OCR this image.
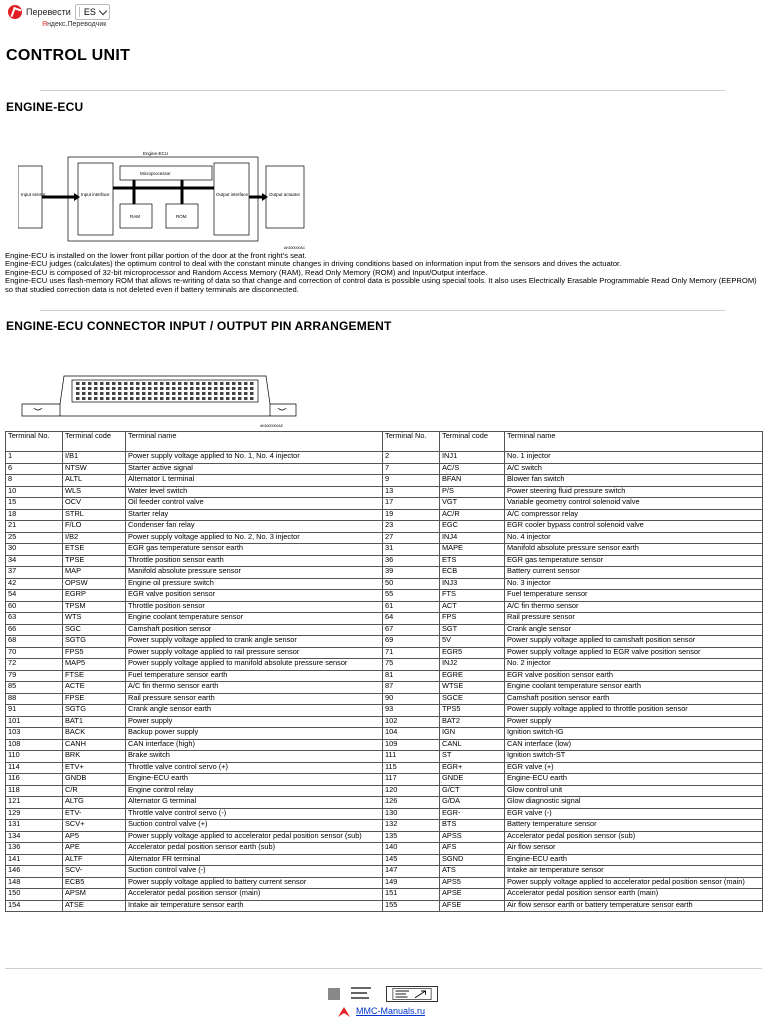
Перевести ES
Яндекс.Переводчик
CONTROL UNIT
ENGINE-ECU
Engine-ECU
Microprocessor
RAM	ROM
Input sensor	Input interface	Output interface	Output actuator
AK600000AC
Engine-ECU is installed on the lower front pillar portion of the door at the front right's seat.
Engine-ECU judges (calculates) the optimum control to deal with the constant minute changes in driving conditions based on information input from the sensors and drives the actuator.
Engine-ECU is composed of 32-bit microprocessor and Random Access Memory (RAM), Read Only Memory (ROM) and Input/Output interface.
Engine-ECU uses flash-memory ROM that allows re-writing of data so that change and correction of control data is possible using special tools. It also uses Electrically Erasable Programmable Read Only Memory (EEPROM) so that studied correction data is not deleted even if battery terminals are disconnected.
ENGINE-ECU CONNECTOR INPUT / OUTPUT PIN ARRANGEMENT
AK6000000AE
Terminal No.	Terminal code	Terminal name	Terminal No.	Terminal code	Terminal name
1	I/B1	Power supply voltage applied to No. 1, No. 4 injector	2	INJ1	No. 1 injector
6	NTSW	Starter active signal	7	AC/S	A/C switch
8	ALTL	Alternator L terminal	9	BFAN	Blower fan switch
10	WLS	Water level switch	13	P/S	Power steering fluid pressure switch
15	OCV	Oil feeder control valve	17	VGT	Variable geometry control solenoid valve
18	STRL	Starter relay	19	AC/R	A/C compressor relay
21	F/LO	Condenser fan relay	23	EGC	EGR cooler bypass control solenoid valve
25	I/B2	Power supply voltage applied to No. 2, No. 3 injector	27	INJ4	No. 4 injector
30	ETSE	EGR gas temperature sensor earth	31	MAPE	Manifold absolute pressure sensor earth
34	TPSE	Throttle position sensor earth	36	ETS	EGR gas temperature sensor
37	MAP	Manifold absolute pressure sensor	39	ECB	Battery current sensor
42	OPSW	Engine oil pressure switch	50	INJ3	No. 3 injector
54	EGRP	EGR valve position sensor	55	FTS	Fuel temperature sensor
60	TPSM	Throttle position sensor	61	ACT	A/C fin thermo sensor
63	WTS	Engine coolant temperature sensor	64	FPS	Rail pressure sensor
66	SGC	Camshaft position sensor	67	SGT	Crank angle sensor
68	SGTG	Power supply voltage applied to crank angle sensor	69	5V	Power supply voltage applied to camshaft position sensor
70	FPS5	Power supply voltage applied to rail pressure sensor	71	EGR5	Power supply voltage applied to EGR valve position sensor
72	MAP5	Power supply voltage applied to manifold absolute pressure sensor	75	INJ2	No. 2 injector
79	FTSE	Fuel temperature sensor earth	81	EGRE	EGR valve position sensor earth
85	ACTE	A/C fin thermo sensor earth	87	WTSE	Engine coolant temperature sensor earth
88	FPSE	Rail pressure sensor earth	90	SGCE	Camshaft position sensor earth
91	SGTG	Crank angle sensor earth	93	TPS5	Power supply voltage applied to throttle position sensor
101	BAT1	Power supply	102	BAT2	Power supply
103	BACK	Backup power supply	104	IGN	Ignition switch-IG
108	CANH	CAN interface (high)	109	CANL	CAN interface (low)
110	BRK	Brake switch	111	ST	Ignition switch-ST
114	ETV+	Throttle valve control servo (+)	115	EGR+	EGR valve (+)
116	GNDB	Engine-ECU earth	117	GNDE	Engine-ECU earth
118	C/R	Engine control relay	120	G/CT	Glow control unit
121	ALTG	Alternator G terminal	126	G/DA	Glow diagnostic signal
129	ETV-	Throttle valve control servo (-)	130	EGR-	EGR valve (-)
131	SCV+	Suction control valve (+)	132	BTS	Battery temperature sensor
134	AP5	Power supply voltage applied to accelerator pedal position sensor (sub)	135	APSS	Accelerator pedal position sensor (sub)
136	APE	Accelerator pedal position sensor earth (sub)	140	AFS	Air flow sensor
141	ALTF	Alternator FR terminal	145	SGND	Engine-ECU earth
146	SCV-	Suction control valve (-)	147	ATS	Intake air temperature sensor
148	ECB5	Power supply voltage applied to battery current sensor	149	APS5	Power supply voltage applied to accelerator pedal position sensor (main)
150	APSM	Accelerator pedal position sensor (main)	151	APSE	Accelerator pedal position sensor earth (main)
154	ATSE	Intake air temperature sensor earth	155	AFSE	Air flow sensor earth or battery temperature sensor earth
MMC-Manuals.ru
